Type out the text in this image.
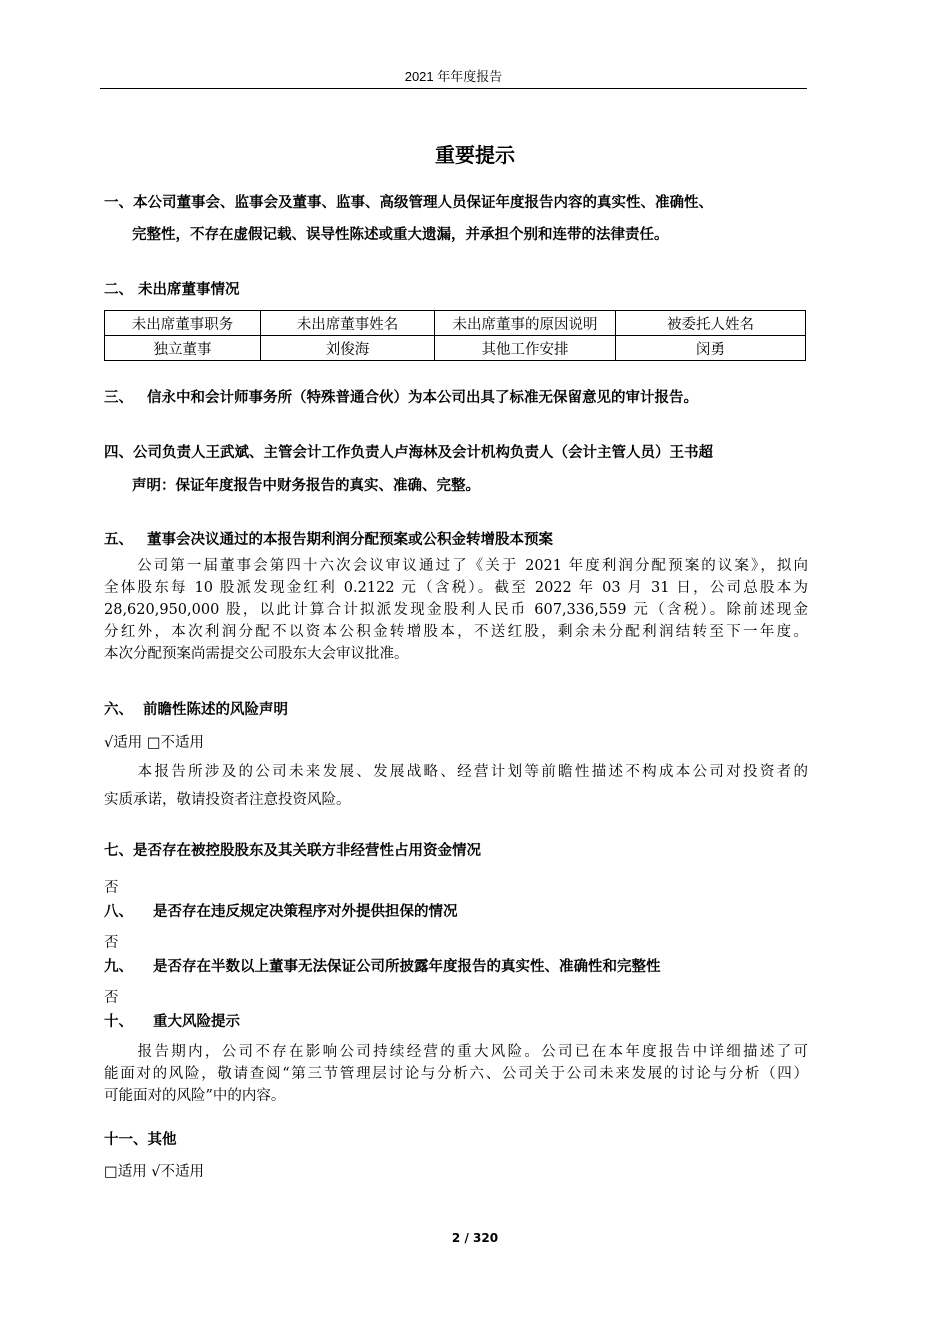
2021 年年度报告
重要提示
一、本公司董事会、监事会及董事、监事、高级管理人员保证年度报告内容的真实性、准确性、
完整性，不存在虚假记载、误导性陈述或重大遗漏，并承担个别和连带的法律责任。
二、 未出席董事情况
未出席董事职务	未出席董事姓名	未出席董事的原因说明	被委托人姓名
独立董事	刘俊海	其他工作安排	闵勇
三、 信永中和会计师事务所（特殊普通合伙）为本公司出具了标准无保留意见的审计报告。
四、公司负责人王武斌、主管会计工作负责人卢海林及会计机构负责人（会计主管人员）王书超
声明：保证年度报告中财务报告的真实、准确、完整。
五、 董事会决议通过的本报告期利润分配预案或公积金转增股本预案
　　公司第一届董事会第四十六次会议审议通过了《关于 2021 年度利润分配预案的议案》，拟向
全体股东每 10 股派发现金红利 0.2122 元（含税）。截至 2022 年 03 月 31 日，公司总股本为
28,620,950,000 股，以此计算合计拟派发现金股利人民币 607,336,559 元（含税）。除前述现金
分红外，本次利润分配不以资本公积金转增股本，不送红股，剩余未分配利润结转至下一年度。
本次分配预案尚需提交公司股东大会审议批准。
六、 前瞻性陈述的风险声明
√适用 □不适用
　　本报告所涉及的公司未来发展、发展战略、经营计划等前瞻性描述不构成本公司对投资者的
实质承诺，敬请投资者注意投资风险。
七、是否存在被控股股东及其关联方非经营性占用资金情况
否
八、 是否存在违反规定决策程序对外提供担保的情况
否
九、 是否存在半数以上董事无法保证公司所披露年度报告的真实性、准确性和完整性
否
十、 重大风险提示
　　报告期内，公司不存在影响公司持续经营的重大风险。公司已在本年度报告中详细描述了可
能面对的风险，敬请查阅“第三节管理层讨论与分析六、公司关于公司未来发展的讨论与分析（四）
可能面对的风险”中的内容。
十一、其他
□适用 √不适用
2 / 320
